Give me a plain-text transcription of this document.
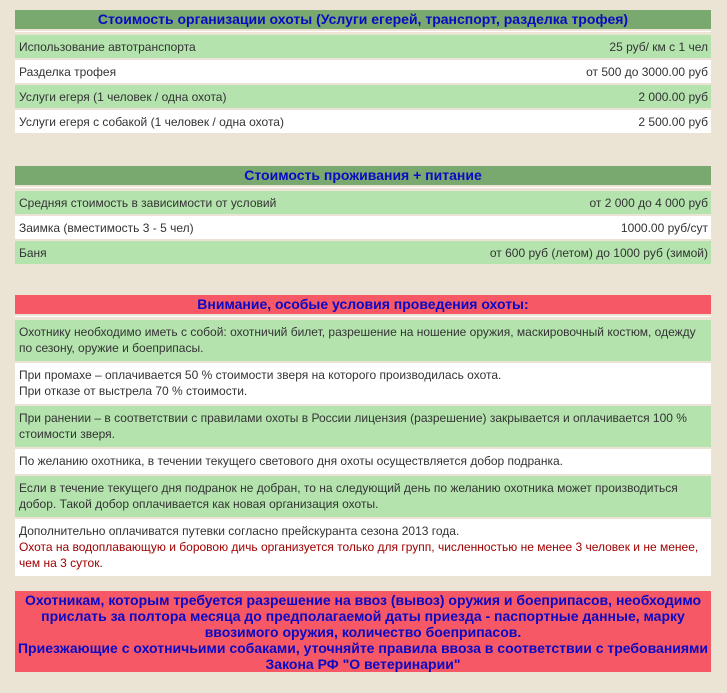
Стоимость организации охоты (Услуги егерей, транспорт, разделка трофея)
Использование автотранспорта	25 руб/ км с 1 чел
Разделка трофея	от 500 до 3000.00 руб
Услуги егеря (1 человек / одна охота)	2 000.00 руб
Услуги егеря с собакой (1 человек / одна охота)	2 500.00 руб
Стоимость проживания + питание
Средняя стоимость в зависимости от условий	от 2 000 до 4 000 руб
Заимка (вместимость 3 - 5 чел)	1000.00 руб/сут
Баня	от 600 руб (летом) до 1000 руб (зимой)
Внимание, особые условия проведения охоты:
Охотнику необходимо иметь с собой: охотничий билет, разрешение на ношение оружия, маскировочный костюм, одежду по сезону, оружие и боеприпасы.
При промахе – оплачивается 50 % стоимости зверя на которого производилась охота.
При отказе от выстрела 70 % стоимости.
При ранении – в соответствии с правилами охоты в России лицензия (разрешение) закрывается и оплачивается 100 % стоимости зверя.
По желанию охотника, в течении текущего светового дня охоты осуществляется добор подранка.
Если в течение текущего дня подранок не добран, то на следующий день по желанию охотника может производиться добор. Такой добор оплачивается как новая организация охоты.
Дополнительно оплачиватся путевки согласно прейскуранта сезона 2013 года.
Охота на водоплавающую и боровою дичь организуется только для групп, численностью не менее 3 человек и не менее, чем на 3 суток.
Охотникам, которым требуется разрешение на ввоз (вывоз) оружия и боеприпасов, необходимо прислать за полтора месяца до предполагаемой даты приезда - паспортные данные, марку ввозимого оружия, количество боеприпасов.
Приезжающие с охотничьими собаками, уточняйте правила ввоза в соответствии с требованиями Закона РФ "О ветеринарии"
